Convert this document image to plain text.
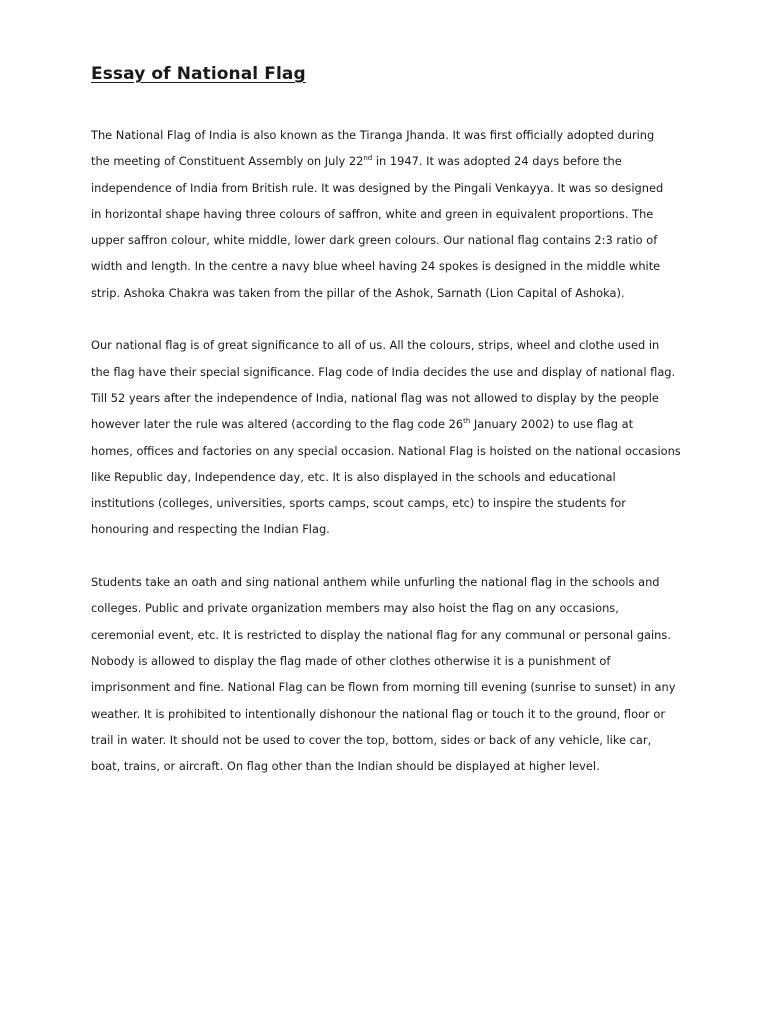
Essay of National Flag

The National Flag of India is also known as the Tiranga Jhanda. It was first officially adopted during
the meeting of Constituent Assembly on July 22nd in 1947. It was adopted 24 days before the
independence of India from British rule. It was designed by the Pingali Venkayya. It was so designed
in horizontal shape having three colours of saffron, white and green in equivalent proportions. The
upper saffron colour, white middle, lower dark green colours. Our national flag contains 2:3 ratio of
width and length. In the centre a navy blue wheel having 24 spokes is designed in the middle white
strip. Ashoka Chakra was taken from the pillar of the Ashok, Sarnath (Lion Capital of Ashoka).

Our national flag is of great significance to all of us. All the colours, strips, wheel and clothe used in
the flag have their special significance. Flag code of India decides the use and display of national flag.
Till 52 years after the independence of India, national flag was not allowed to display by the people
however later the rule was altered (according to the flag code 26th January 2002) to use flag at
homes, offices and factories on any special occasion. National Flag is hoisted on the national occasions
like Republic day, Independence day, etc. It is also displayed in the schools and educational
institutions (colleges, universities, sports camps, scout camps, etc) to inspire the students for
honouring and respecting the Indian Flag.

Students take an oath and sing national anthem while unfurling the national flag in the schools and
colleges. Public and private organization members may also hoist the flag on any occasions,
ceremonial event, etc. It is restricted to display the national flag for any communal or personal gains.
Nobody is allowed to display the flag made of other clothes otherwise it is a punishment of
imprisonment and fine. National Flag can be flown from morning till evening (sunrise to sunset) in any
weather. It is prohibited to intentionally dishonour the national flag or touch it to the ground, floor or
trail in water. It should not be used to cover the top, bottom, sides or back of any vehicle, like car,
boat, trains, or aircraft. On flag other than the Indian should be displayed at higher level.
